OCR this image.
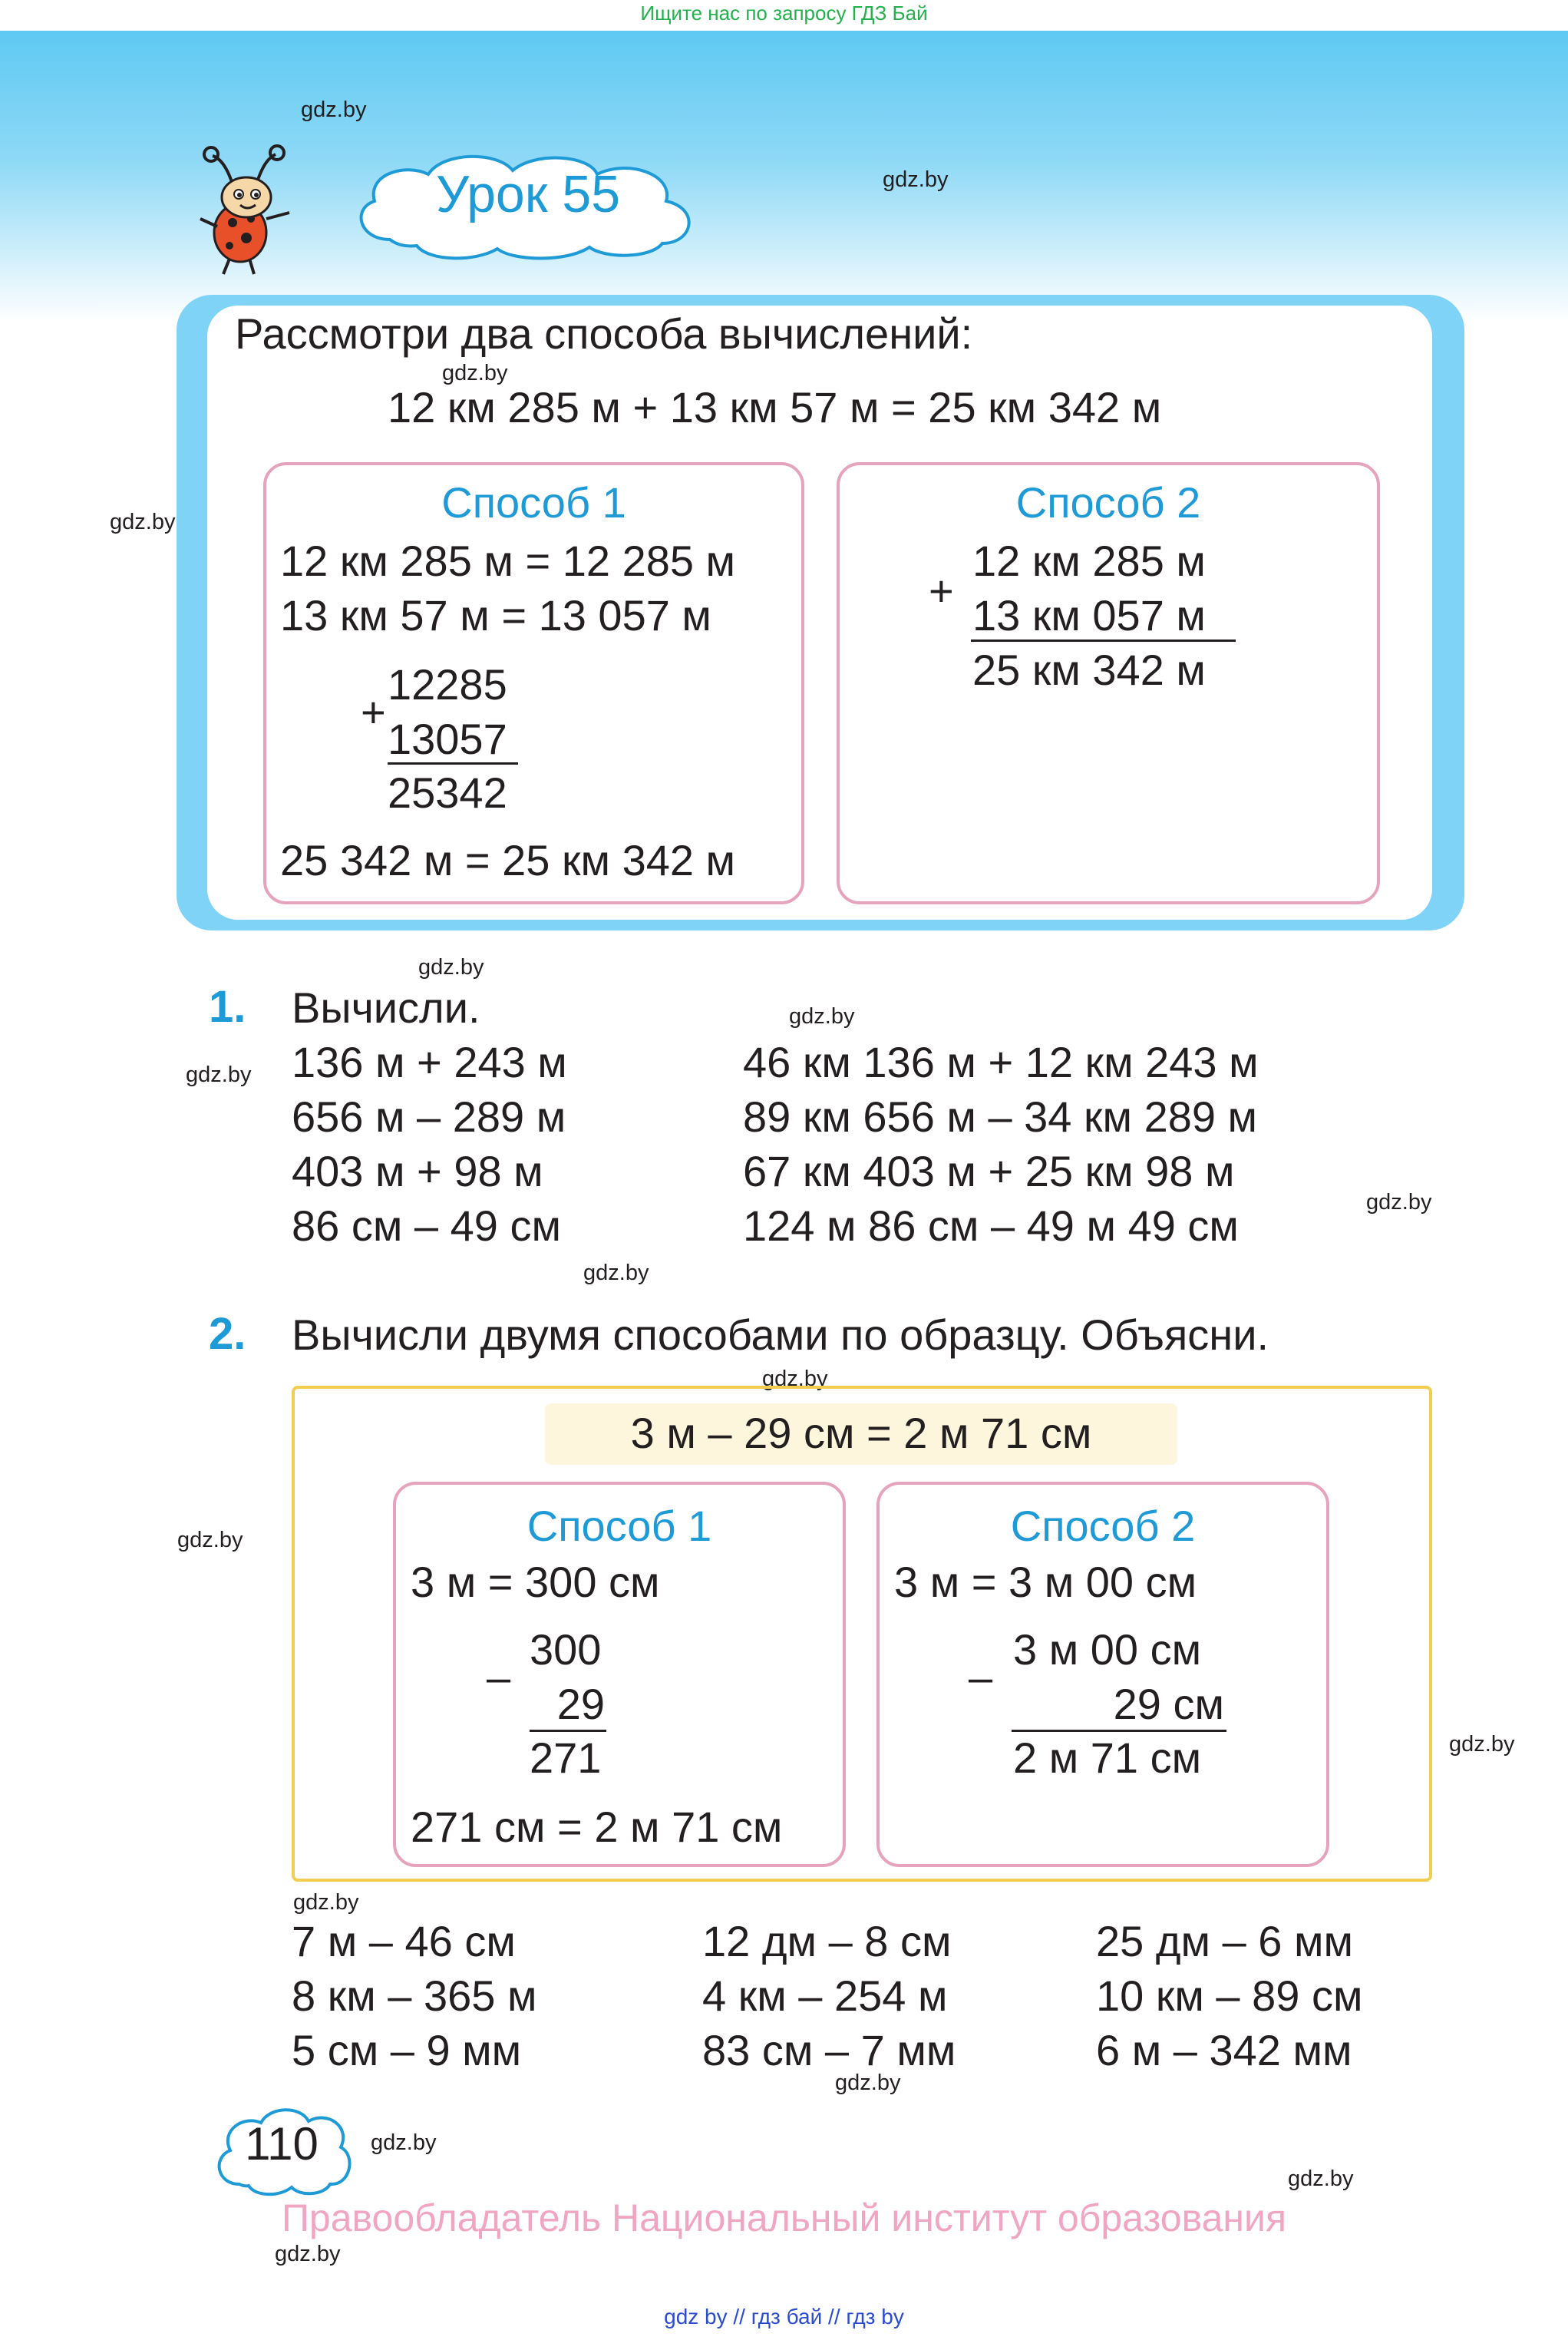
Ищите нас по запросу ГДЗ Бай
Урок 55
gdz.by
gdz.by
gdz.by
gdz.by
gdz.by
gdz.by
gdz.by
gdz.by
gdz.by
gdz.by
gdz.by
gdz.by
gdz.by
gdz.by
gdz.by
gdz.by
Рассмотри два способа вычислений:
12 км 285 м + 13 км 57 м = 25 км 342 м
gdz.by
Способ 1
12 км 285 м = 12 285 м
13 км 57 м = 13 057 м
+
12285
13057
25342
25 342 м = 25 км 342 м
Способ 2
+
12 км 285 м
13 км 057 м
25 км 342 м
1. Вычисли.
136 м + 243 м
656 м – 289 м
403 м + 98 м
86 см – 49 см
46 км 136 м + 12 км 243 м
89 км 656 м – 34 км 289 м
67 км 403 м + 25 км 98 м
124 м 86 см – 49 м 49 см
2. Вычисли двумя способами по образцу. Объясни.
3 м – 29 см = 2 м 71 см
Способ 1
3 м = 300 см
–
300
29
271
271 см = 2 м 71 см
Способ 2
3 м = 3 м 00 см
–
3 м 00 см
29 см
2 м 71 см
7 м – 46 см
8 км – 365 м
5 см – 9 мм
12 дм – 8 см
4 км – 254 м
83 см – 7 мм
25 дм – 6 мм
10 км – 89 см
6 м – 342 мм
110
Правообладатель Национальный институт образования
gdz by // гдз бай // гдз by
